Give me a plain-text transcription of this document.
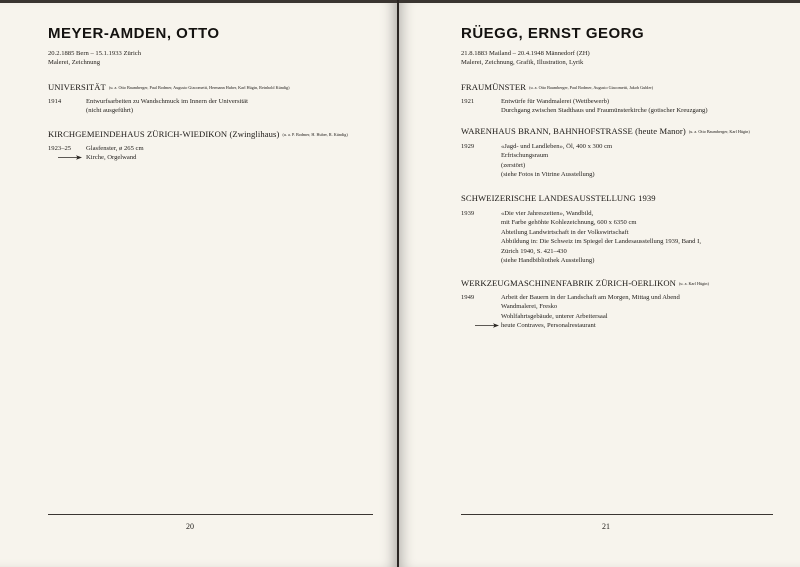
MEYER-AMDEN, OTTO
20.2.1885 Bern – 15.1.1933 Zürich
Malerei, Zeichnung
UNIVERSITÄT (u. a. Otto Baumberger, Paul Bodmer, Augusto Giacometti, Hermann Huber, Karl Hügin, Reinhold Kündig)
1914	Entwurfsarbeiten zu Wandschmuck im Innern der Universität
(nicht ausgeführt)
KIRCHGEMEINDEHAUS ZÜRICH-WIEDIKON (Zwinglihaus) (u. a. P. Bodmer, H. Huber, R. Kündig)
1923–25 Glasfenster, ø 265 cm
Kirche, Orgelwand
20
RÜEGG, ERNST GEORG
21.8.1883 Mailand – 20.4.1948 Männedorf (ZH)
Malerei, Zeichnung, Grafik, Illustration, Lyrik
FRAUMÜNSTER (u. a. Otto Baumberger, Paul Bodmer, Augusto Giacometti, Jakob Gubler)
1921	Entwürfe für Wandmalerei (Wettbewerb)
Durchgang zwischen Stadthaus und Fraumünsterkirche (gotischer Kreuzgang)
WARENHAUS BRANN, BAHNHOFSTRASSE (heute Manor) (u. a. Otto Baumberger, Karl Hügin)
1929	«Jagd- und Landleben», Öl, 400 x 300 cm
Erfrischungsraum
(zerstört)
(siehe Fotos in Vitrine Ausstellung)
SCHWEIZERISCHE LANDESAUSSTELLUNG 1939
1939	«Die vier Jahreszeiten», Wandbild,
mit Farbe gehöhte Kohlezeichnung, 600 x 6350 cm
Abteilung Landwirtschaft in der Volkswirtschaft
Abbildung in: Die Schweiz im Spiegel der Landesausstellung 1939, Band I,
Zürich 1940, S. 421–430
(siehe Handbibliothek Ausstellung)
WERKZEUGMASCHINENFABRIK ZÜRICH-OERLIKON (u. a. Karl Hügin)
1949	Arbeit der Bauern in der Landschaft am Morgen, Mittag und Abend
Wandmalerei, Fresko
Wohlfahrtsgebäude, unterer Arbeitersaal
heute Contraves, Personalrestaurant
21
